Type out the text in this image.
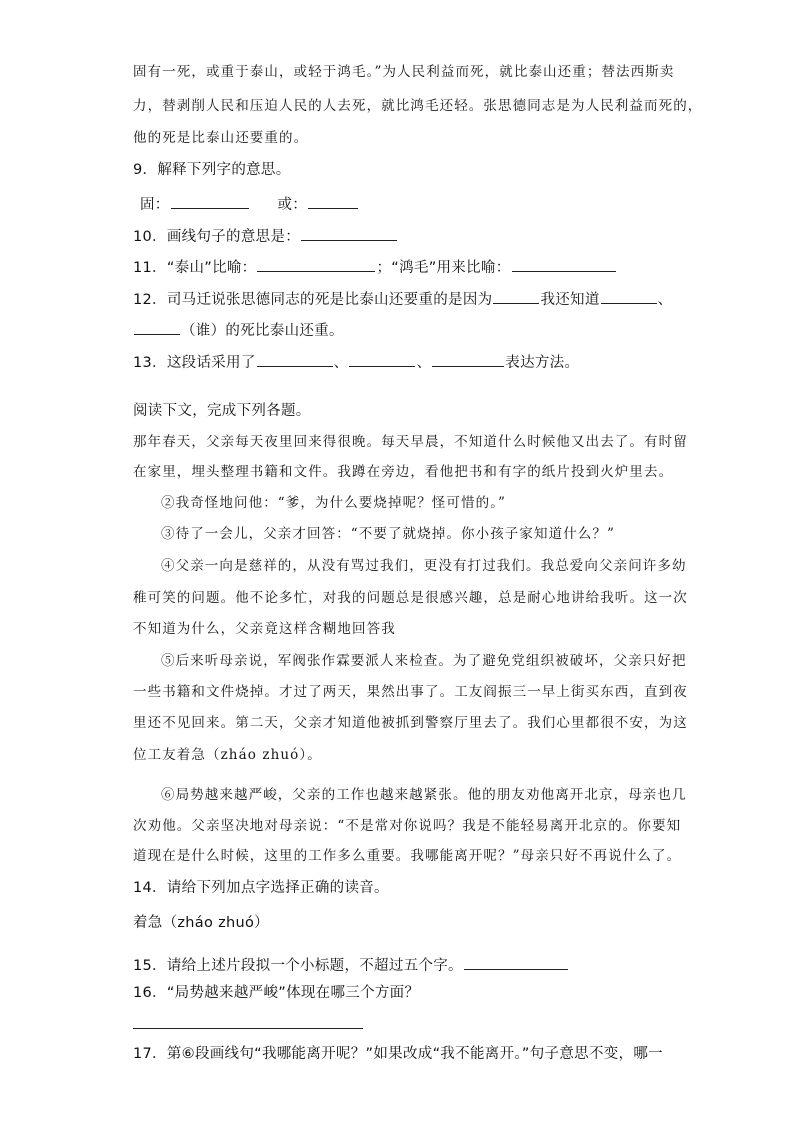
固有一死，或重于泰山，或轻于鸿毛。”为人民利益而死，就比泰山还重；替法西斯卖
力，替剥削人民和压迫人民的人去死，就比鸿毛还轻。张思德同志是为人民利益而死的，
他的死是比泰山还要重的。
9．解释下列字的意思。
固：	或：
10．画线句子的意思是：
11．“泰山”比喻：	；“鸿毛”用来比喻：
12．司马迁说张思德同志的死是比泰山还要重的是因为	我还知道	、
（谁）的死比泰山还重。
13．这段话采用了	、	、	表达方法。
阅读下文，完成下列各题。
那年春天，父亲每天夜里回来得很晚。每天早晨，不知道什么时候他又出去了。有时留
在家里，埋头整理书籍和文件。我蹲在旁边，看他把书和有字的纸片投到火炉里去。
②我奇怪地问他：“爹，为什么要烧掉呢？怪可惜的。”
③待了一会儿，父亲才回答：“不要了就烧掉。你小孩子家知道什么？”
④父亲一向是慈祥的，从没有骂过我们，更没有打过我们。我总爱向父亲问许多幼
稚可笑的问题。他不论多忙，对我的问题总是很感兴趣，总是耐心地讲给我听。这一次
不知道为什么，父亲竟这样含糊地回答我
⑤后来听母亲说，军阀张作霖要派人来检查。为了避免党组织被破坏，父亲只好把
一些书籍和文件烧掉。才过了两天，果然出事了。工友阎振三一早上街买东西，直到夜
里还不见回来。第二天，父亲才知道他被抓到警察厅里去了。我们心里都很不安，为这
位工友着急（zháo zhuó）。
⑥局势越来越严峻，父亲的工作也越来越紧张。他的朋友劝他离开北京，母亲也几
次劝他。父亲坚决地对母亲说：“不是常对你说吗？我是不能轻易离开北京的。你要知
道现在是什么时候，这里的工作多么重要。我哪能离开呢？”母亲只好不再说什么了。
14．请给下列加点字选择正确的读音。
着急（zháo zhuó）
15．请给上述片段拟一个小标题，不超过五个字。
16．“局势越来越严峻”体现在哪三个方面？
17．第⑥段画线句“我哪能离开呢？”如果改成“我不能离开。”句子意思不变，哪一
